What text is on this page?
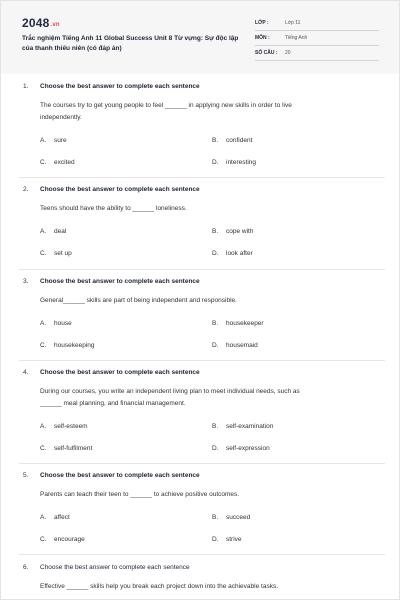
2048.vn
Trắc nghiệm Tiếng Anh 11 Global Success Unit 8 Từ vựng: Sự độc lập của thanh thiếu niên (có đáp án)
LỚP :	Lớp 11
MÔN :	Tiếng Anh
SỐ CÂU : 20
1. Choose the best answer to complete each sentence
The courses try to get young people to feel ______ in applying new skills in order to live
independently.
A. sure	B. confident
C. excited	D. interesting
2. Choose the best answer to complete each sentence
Teens should have the ability to ______ loneliness.
A. deal	B. cope with
C. set up	D. look after
3. Choose the best answer to complete each sentence
General______ skills are part of being independent and responsible.
A. house	B. housekeeper
C. housekeeping	D. housemaid
4. Choose the best answer to complete each sentence
During our courses, you write an independent living plan to meet individual needs, such as
______ meal planning, and financial management.
A. self-esteem	B. self-examination
C. self-fulfilment	D. self-expression
5. Choose the best answer to complete each sentence
Parents can teach their teen to ______ to achieve positive outcomes.
A. affect	B. succeed
C. encourage	D. strive
6. Choose the best answer to complete each sentence
Effective ______ skills help you break each project down into the achievable tasks.
